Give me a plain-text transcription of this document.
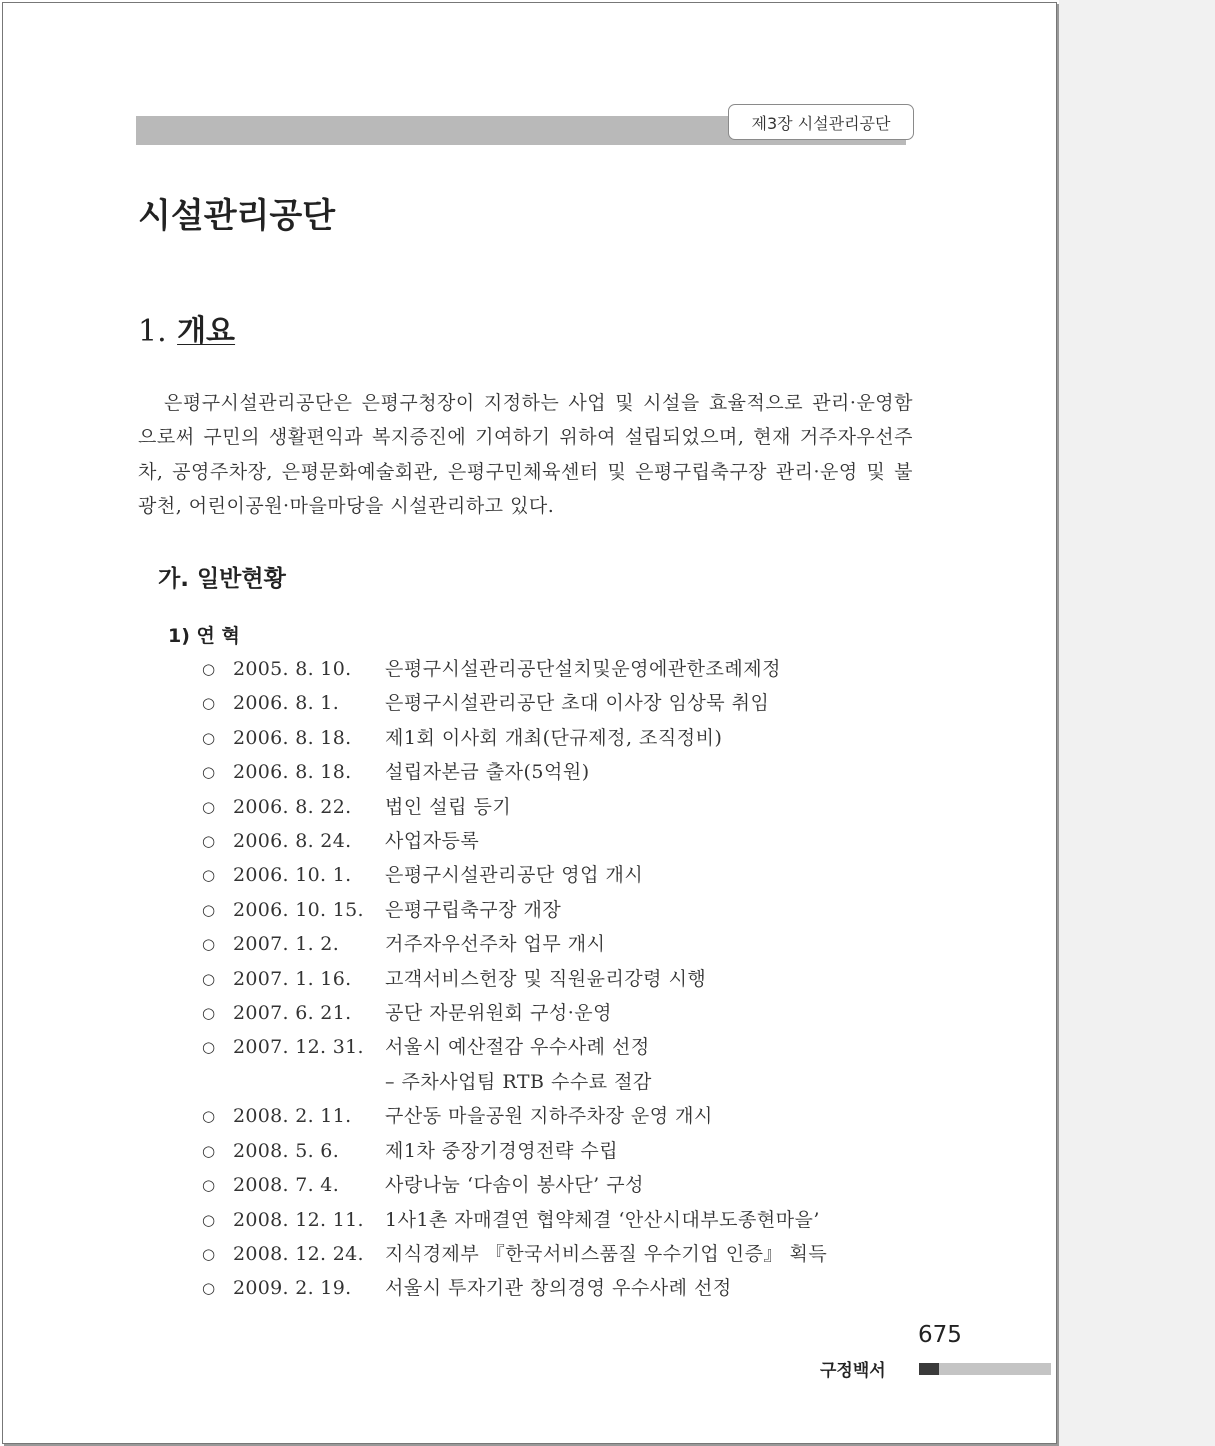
제3장 시설관리공단
시설관리공단
1. 개요

은평구시설관리공단은 은평구청장이 지정하는 사업 및 시설을 효율적으로 관리·운영함으로써 구민의 생활편익과 복지증진에 기여하기 위하여 설립되었으며, 현재 거주자우선주차, 공영주차장, 은평문화예술회관, 은평구민체육센터 및 은평구립축구장 관리·운영 및 불광천, 어린이공원·마을마당을 시설관리하고 있다.

가. 일반현황
1) 연 혁
○ 2005. 8. 10.	은평구시설관리공단설치및운영에관한조례제정
○ 2006. 8. 1.	은평구시설관리공단 초대 이사장 임상묵 취임
○ 2006. 8. 18.	제1회 이사회 개최(단규제정, 조직정비)
○ 2006. 8. 18.	설립자본금 출자(5억원)
○ 2006. 8. 22.	법인 설립 등기
○ 2006. 8. 24.	사업자등록
○ 2006. 10. 1.	은평구시설관리공단 영업 개시
○ 2006. 10. 15.	은평구립축구장 개장
○ 2007. 1. 2.	거주자우선주차 업무 개시
○ 2007. 1. 16.	고객서비스헌장 및 직원윤리강령 시행
○ 2007. 6. 21.	공단 자문위원회 구성·운영
○ 2007. 12. 31.	서울시 예산절감 우수사례 선정
– 주차사업팀 RTB 수수료 절감
○ 2008. 2. 11.	구산동 마을공원 지하주차장 운영 개시
○ 2008. 5. 6.	제1차 중장기경영전략 수립
○ 2008. 7. 4.	사랑나눔 ‘다솜이 봉사단’ 구성
○ 2008. 12. 11.	1사1촌 자매결연 협약체결 ‘안산시대부도종현마을’
○ 2008. 12. 24.	지식경제부 『한국서비스품질 우수기업 인증』 획득
○ 2009. 2. 19.	서울시 투자기관 창의경영 우수사례 선정
675
구정백서
